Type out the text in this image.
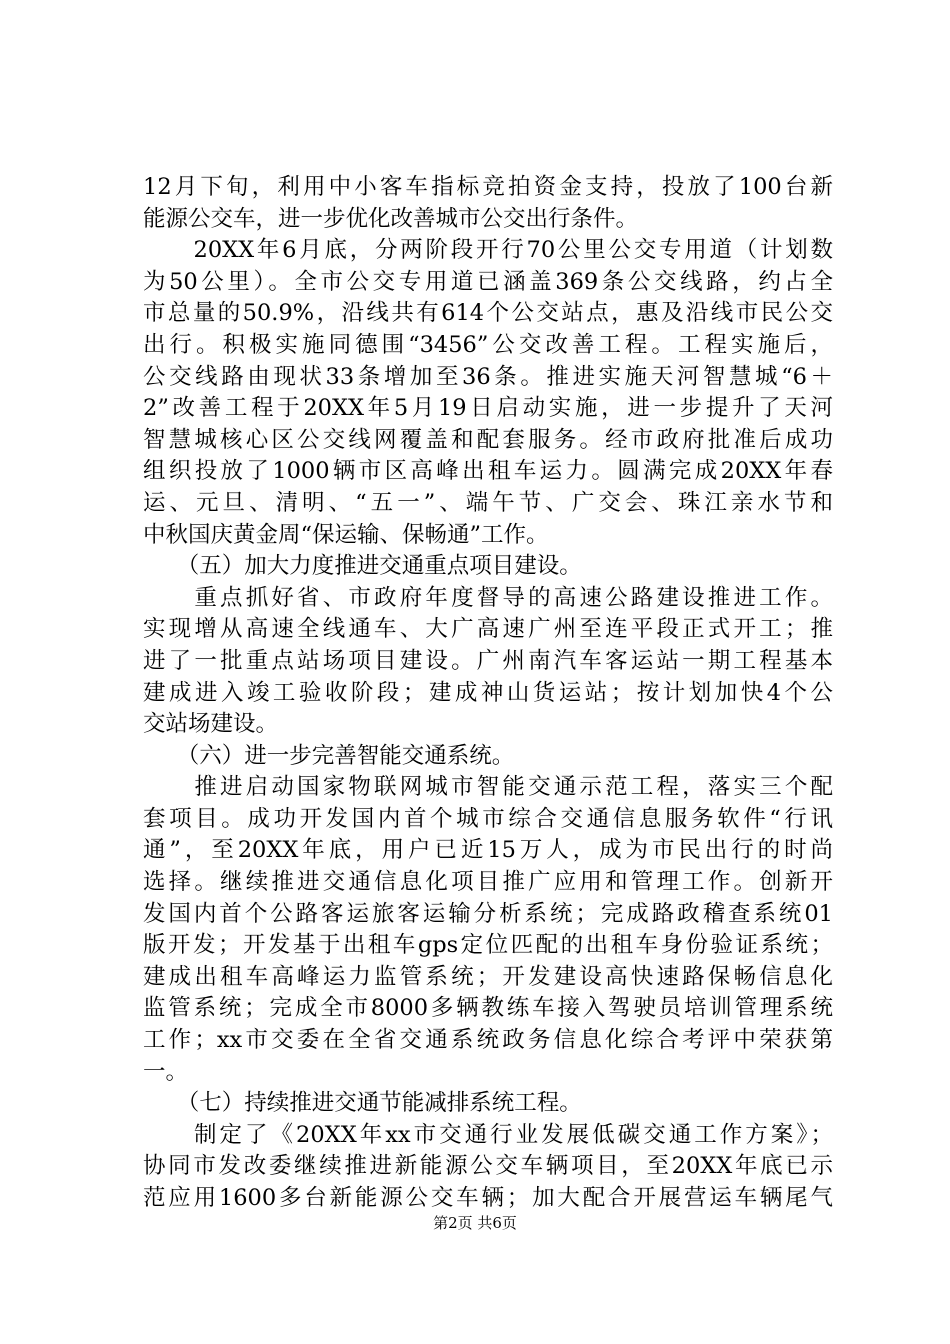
12月下旬，利用中小客车指标竞拍资金支持，投放了100台新
能源公交车，进一步优化改善城市公交出行条件。
　　20XX年6月底，分两阶段开行70公里公交专用道（计划数
为50公里）。全市公交专用道已涵盖369条公交线路，约占全
市总量的50.9%，沿线共有614个公交站点，惠及沿线市民公交
出行。积极实施同德围“3456”公交改善工程。工程实施后，
公交线路由现状33条增加至36条。推进实施天河智慧城“6＋
2”改善工程于20XX年5月19日启动实施，进一步提升了天河
智慧城核心区公交线网覆盖和配套服务。经市政府批准后成功
组织投放了1000辆市区高峰出租车运力。圆满完成20XX年春
运、元旦、清明、“五一”、端午节、广交会、珠江亲水节和
中秋国庆黄金周“保运输、保畅通”工作。
　　（五）加大力度推进交通重点项目建设。
　　重点抓好省、市政府年度督导的高速公路建设推进工作。
实现增从高速全线通车、大广高速广州至连平段正式开工；推
进了一批重点站场项目建设。广州南汽车客运站一期工程基本
建成进入竣工验收阶段；建成神山货运站；按计划加快4个公
交站场建设。
　　（六）进一步完善智能交通系统。
　　推进启动国家物联网城市智能交通示范工程，落实三个配
套项目。成功开发国内首个城市综合交通信息服务软件“行讯
通”，至20XX年底，用户已近15万人，成为市民出行的时尚
选择。继续推进交通信息化项目推广应用和管理工作。创新开
发国内首个公路客运旅客运输分析系统；完成路政稽查系统01
版开发；开发基于出租车gps定位匹配的出租车身份验证系统；
建成出租车高峰运力监管系统；开发建设高快速路保畅信息化
监管系统；完成全市8000多辆教练车接入驾驶员培训管理系统
工作；xx市交委在全省交通系统政务信息化综合考评中荣获第
一。
　　（七）持续推进交通节能减排系统工程。
　　制定了《20XX年xx市交通行业发展低碳交通工作方案》；
协同市发改委继续推进新能源公交车辆项目，至20XX年底已示
范应用1600多台新能源公交车辆；加大配合开展营运车辆尾气
第2页 共6页
